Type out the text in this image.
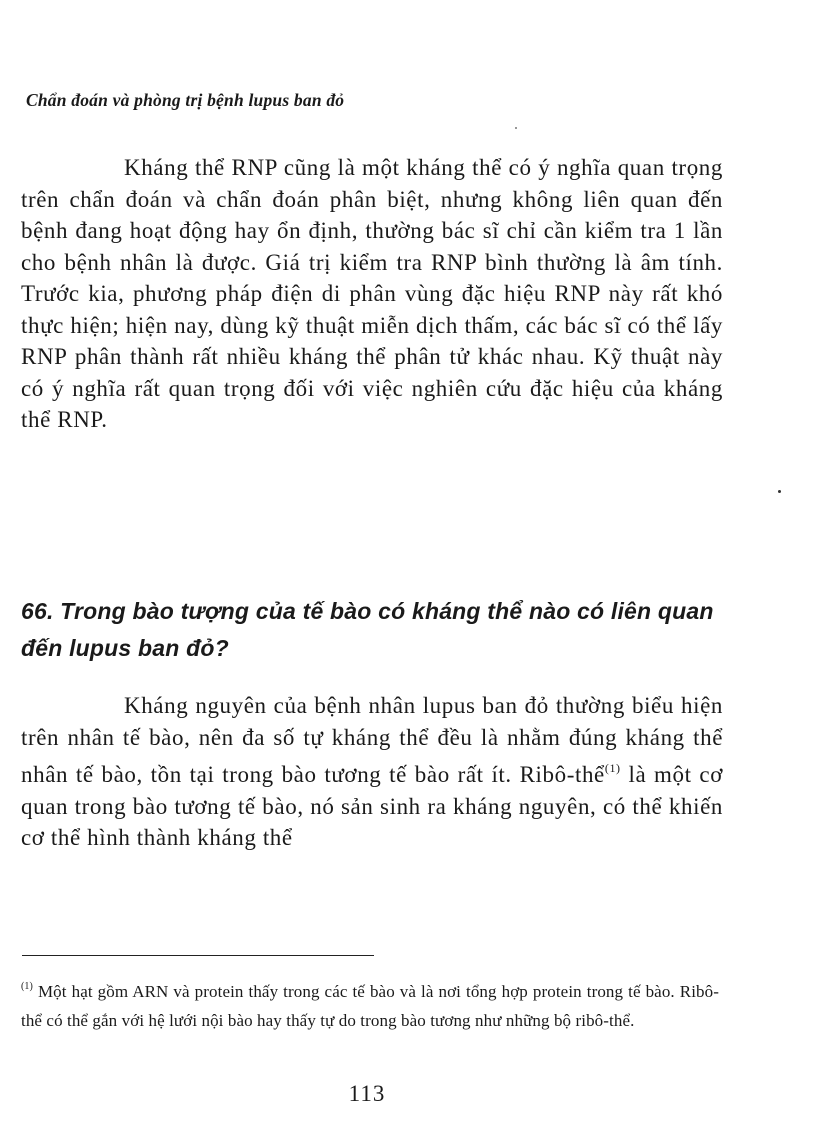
Chẩn đoán và phòng trị bệnh lupus ban đỏ

Kháng thể RNP cũng là một kháng thể có ý nghĩa quan trọng trên chẩn đoán và chẩn đoán phân biệt, nhưng không liên quan đến bệnh đang hoạt động hay ổn định, thường bác sĩ chỉ cần kiểm tra 1 lần cho bệnh nhân là được. Giá trị kiểm tra RNP bình thường là âm tính. Trước kia, phương pháp điện di phân vùng đặc hiệu RNP này rất khó thực hiện; hiện nay, dùng kỹ thuật miễn dịch thấm, các bác sĩ có thể lấy RNP phân thành rất nhiều kháng thể phân tử khác nhau. Kỹ thuật này có ý nghĩa rất quan trọng đối với việc nghiên cứu đặc hiệu của kháng thể RNP.

66. Trong bào tượng của tế bào có kháng thể nào có liên quan đến lupus ban đỏ?

Kháng nguyên của bệnh nhân lupus ban đỏ thường biểu hiện trên nhân tế bào, nên đa số tự kháng thể đều là nhằm đúng kháng thể nhân tế bào, tồn tại trong bào tương tế bào rất ít. Ribô-thể$^{(1)}$ là một cơ quan trong bào tương tế bào, nó sản sinh ra kháng nguyên, có thể khiến cơ thể hình thành kháng thể

$^{(1)}$ Một hạt gồm ARN và protein thấy trong các tế bào và là nơi tổng hợp protein trong tế bào. Ribô-thể có thể gắn với hệ lưới nội bào hay thấy tự do trong bào tương như những bộ ribô-thể.

113
